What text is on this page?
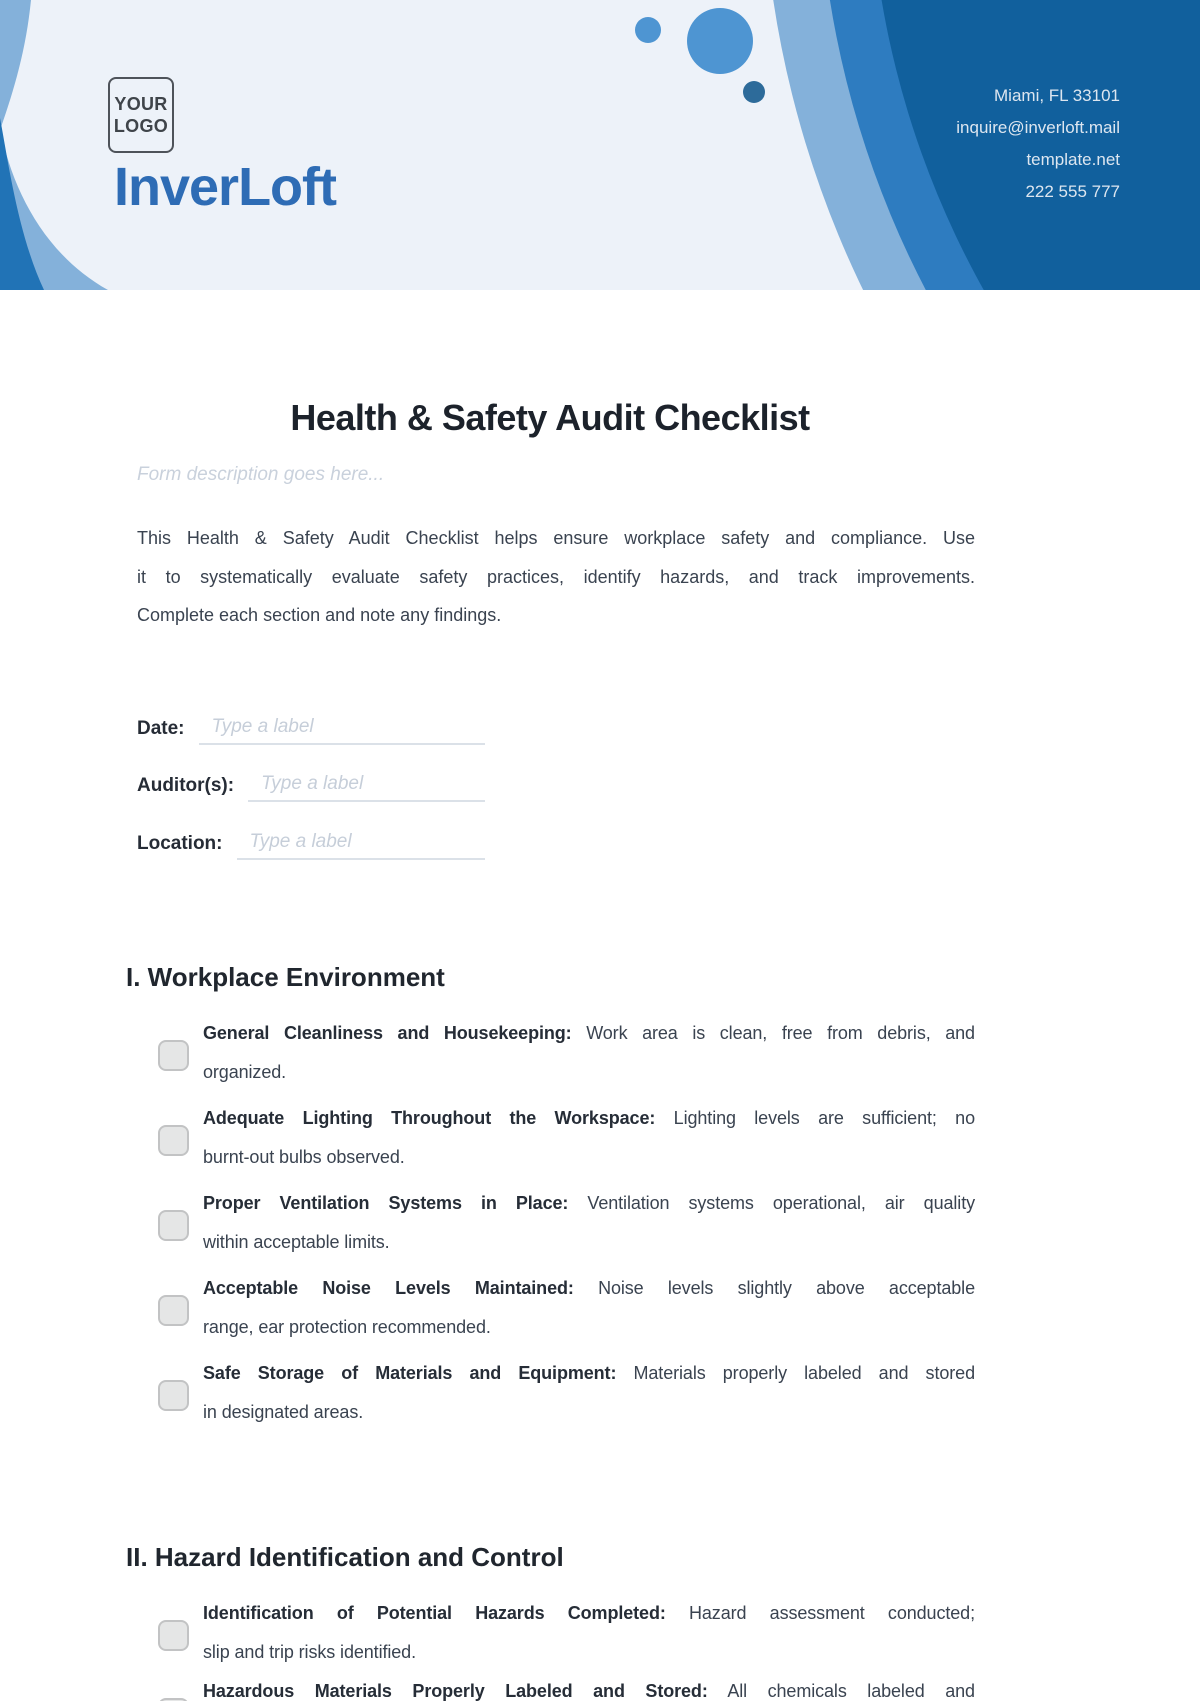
YOUR
LOGO
InverLoft
Miami, FL 33101
inquire@inverloft.mail
template.net
222 555 777
Health & Safety Audit Checklist
Form description goes here...
This Health & Safety Audit Checklist helps ensure workplace safety and compliance. Use
it to systematically evaluate safety practices, identify hazards, and track improvements.
Complete each section and note any findings.
Date:	Type a label
Auditor(s):	Type a label
Location:	Type a label
I. Workplace Environment
General Cleanliness and Housekeeping: Work area is clean, free from debris, and
organized.
Adequate Lighting Throughout the Workspace: Lighting levels are sufficient; no
burnt-out bulbs observed.
Proper Ventilation Systems in Place: Ventilation systems operational, air quality
within acceptable limits.
Acceptable Noise Levels Maintained: Noise levels slightly above acceptable
range, ear protection recommended.
Safe Storage of Materials and Equipment: Materials properly labeled and stored
in designated areas.
II. Hazard Identification and Control
Identification of Potential Hazards Completed: Hazard assessment conducted;
slip and trip risks identified.
Hazardous Materials Properly Labeled and Stored: All chemicals labeled and
